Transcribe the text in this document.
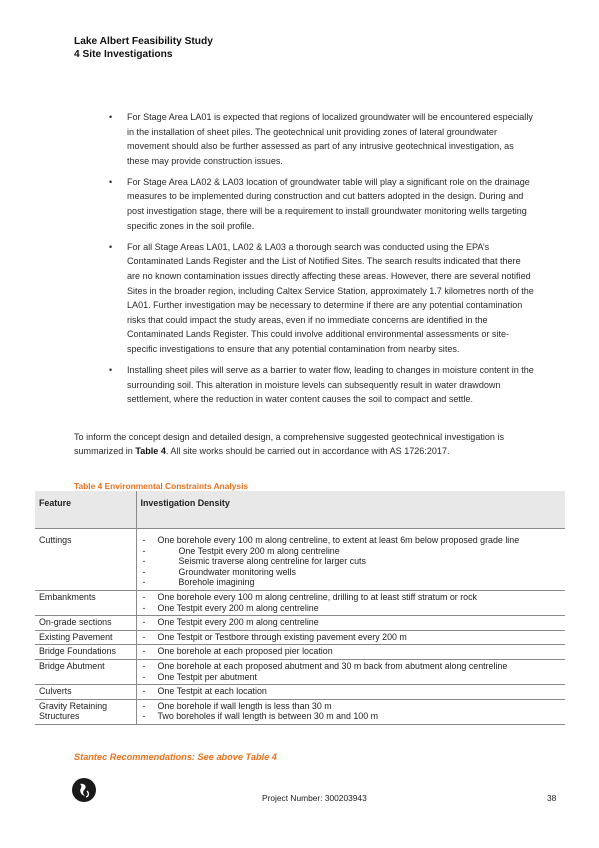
Lake Albert Feasibility Study
4 Site Investigations
• For Stage Area LA01 is expected that regions of localized groundwater will be encountered especially in the installation of sheet piles. The geotechnical unit providing zones of lateral groundwater movement should also be further assessed as part of any intrusive geotechnical investigation, as these may provide construction issues.
• For Stage Area LA02 & LA03 location of groundwater table will play a significant role on the drainage measures to be implemented during construction and cut batters adopted in the design. During and post investigation stage, there will be a requirement to install groundwater monitoring wells targeting specific zones in the soil profile.
• For all Stage Areas LA01, LA02 & LA03 a thorough search was conducted using the EPA’s Contaminated Lands Register and the List of Notified Sites. The search results indicated that there are no known contamination issues directly affecting these areas. However, there are several notified Sites in the broader region, including Caltex Service Station, approximately 1.7 kilometres north of the LA01. Further investigation may be necessary to determine if there are any potential contamination risks that could impact the study areas, even if no immediate concerns are identified in the Contaminated Lands Register. This could involve additional environmental assessments or site-specific investigations to ensure that any potential contamination from nearby sites.
• Installing sheet piles will serve as a barrier to water flow, leading to changes in moisture content in the surrounding soil. This alteration in moisture levels can subsequently result in water drawdown settlement, where the reduction in water content causes the soil to compact and settle.
To inform the concept design and detailed design, a comprehensive suggested geotechnical investigation is summarized in Table 4. All site works should be carried out in accordance with AS 1726:2017.
Table 4 Environmental Constraints Analysis
Feature	Investigation Density
Cuttings	- One borehole every 100 m along centreline, to extent at least 6m below proposed grade line
- One Testpit every 200 m along centreline
- Seismic traverse along centreline for larger cuts
- Groundwater monitoring wells
- Borehole imagining

Embankments	- One borehole every 100 m along centreline, drilling to at least stiff stratum or rock
- One Testpit every 200 m along centreline

On-grade sections	- One Testpit every 200 m along centreline

Existing Pavement	- One Testpit or Testbore through existing pavement every 200 m

Bridge Foundations	- One borehole at each proposed pier location

Bridge Abutment	- One borehole at each proposed abutment and 30 m back from abutment along centreline
- One Testpit per abutment

Culverts	- One Testpit at each location

Gravity Retaining Structures	- One borehole if wall length is less than 30 m
- Two boreholes if wall length is between 30 m and 100 m
Stantec Recommendations: See above Table 4
Project Number: 300203943	38
